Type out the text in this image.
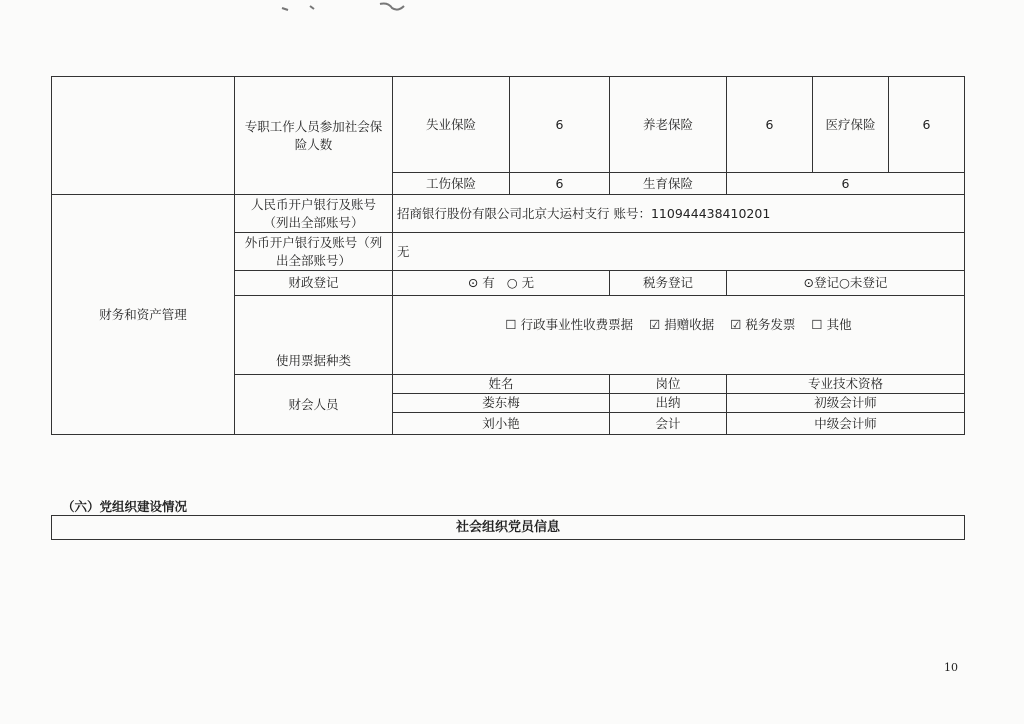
	专职工作人员参加社会保险人数	失业保险	6	养老保险	6	医疗保险	6
		工伤保险	6	生育保险	6		
财务和资产管理	人民币开户银行及账号（列出全部账号）	招商银行股份有限公司北京大运村支行 账号：110944438410201					
	外币开户银行及账号（列出全部账号）	无					
	财政登记	⊙ 有 ○ 无		税务登记	⊙登记○未登记		
	使用票据种类	☐ 行政事业性收费票据 ☑ 捐赠收据 ☑ 税务发票 ☐ 其他					
	财会人员	姓名		岗位	专业技术资格		
		娄东梅		出纳	初级会计师		
		刘小艳		会计	中级会计师		
（六）党组织建设情况
社会组织党员信息
10
